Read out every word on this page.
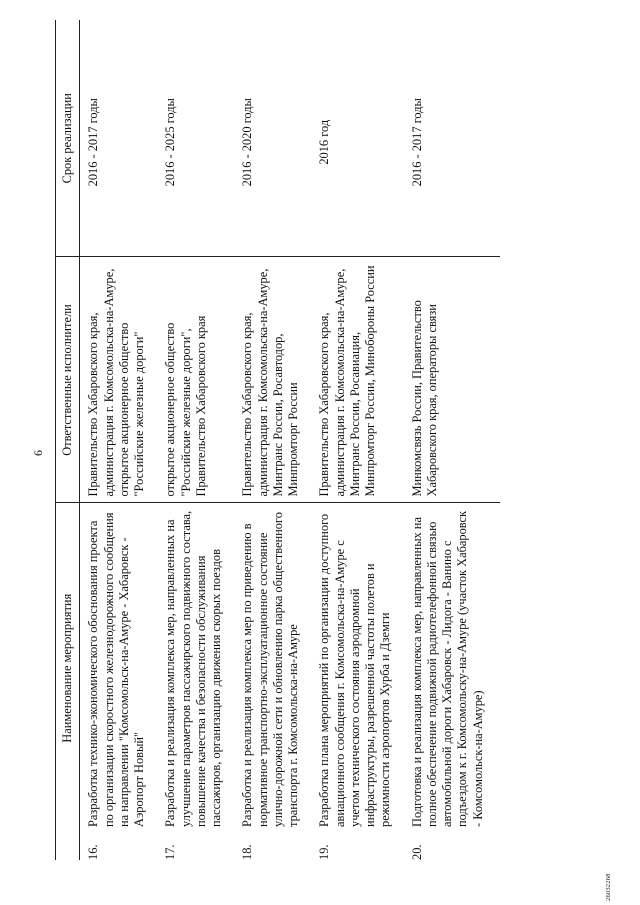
6
	Наименование мероприятия	Ответственные исполнители	Срок реализации
16.	Разработка технико-экономического обоснования проекта по организации скоростного железнодорожного сообщения на направлении "Комсомольск-на-Амуре - Хабаровск - Аэропорт Новый"	Правительство Хабаровского края, администрация г. Комсомольска-на-Амуре, открытое акционерное общество "Российские железные дороги"	2016 - 2017 годы
17.	Разработка и реализация комплекса мер, направленных на улучшение параметров пассажирского подвижного состава, повышение качества и безопасности обслуживания пассажиров, организацию движения скорых поездов	открытое акционерное общество "Российские железные дороги", Правительство Хабаровского края	2016 - 2025 годы
18.	Разработка и реализация комплекса мер по приведению в нормативное транспортно-эксплуатационное состояние улично-дорожной сети и обновлению парка общественного транспорта г. Комсомольска-на-Амуре	Правительство Хабаровского края, администрация г. Комсомольска-на-Амуре, Минтранс России, Росавтодор, Минпромторг России	2016 - 2020 годы
19.	Разработка плана мероприятий по организации доступного авиационного сообщения г. Комсомольска-на-Амуре с учетом технического состояния аэродромной инфраструктуры, разрешенной частоты полетов и режимности аэропортов Хурба и Дземги	Правительство Хабаровского края, администрация г. Комсомольска-на-Амуре, Минтранс России, Росавиация, Минпромторг России, Минобороны России	2016 год
20.	Подготовка и реализация комплекса мер, направленных на полное обеспечение подвижной радиотелефонной связью автомобильной дороги Хабаровск - Лидога - Ванино с подъездом к г. Комсомольску-на-Амуре (участок Хабаровск - Комсомольск-на-Амуре)	Минкомсвязь России, Правительство Хабаровского края, операторы связи	2016 - 2017 годы
26032268
